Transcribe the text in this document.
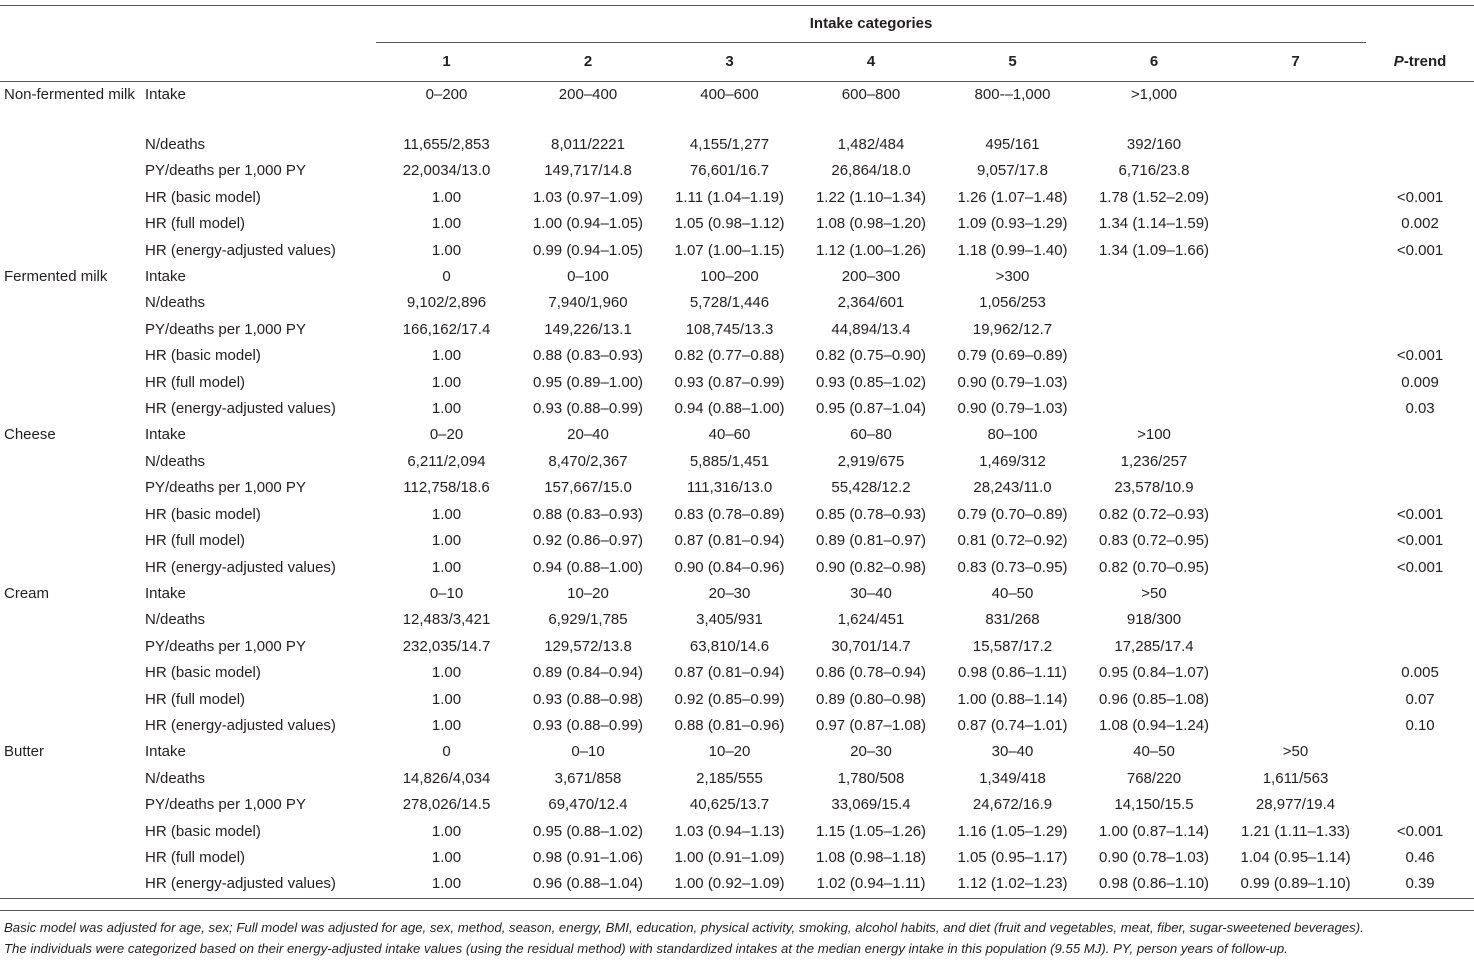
		Intake categories							
		1	2	3	4	5	6	7	P-trend
Non-fermented milk	Intake	0–200	200–400	400–600	600–800	800-–1,000	>1,000		
	N/deaths	11,655/2,853	8,011/2221	4,155/1,277	1,482/484	495/161	392/160		
	PY/deaths per 1,000 PY	22,0034/13.0	149,717/14.8	76,601/16.7	26,864/18.0	9,057/17.8	6,716/23.8		
	HR (basic model)	1.00	1.03 (0.97–1.09)	1.11 (1.04–1.19)	1.22 (1.10–1.34)	1.26 (1.07–1.48)	1.78 (1.52–2.09)		<0.001
	HR (full model)	1.00	1.00 (0.94–1.05)	1.05 (0.98–1.12)	1.08 (0.98–1.20)	1.09 (0.93–1.29)	1.34 (1.14–1.59)		0.002
	HR (energy-adjusted values)	1.00	0.99 (0.94–1.05)	1.07 (1.00–1.15)	1.12 (1.00–1.26)	1.18 (0.99–1.40)	1.34 (1.09–1.66)		<0.001
Fermented milk	Intake	0	0–100	100–200	200–300	>300			
	N/deaths	9,102/2,896	7,940/1,960	5,728/1,446	2,364/601	1,056/253			
	PY/deaths per 1,000 PY	166,162/17.4	149,226/13.1	108,745/13.3	44,894/13.4	19,962/12.7			
	HR (basic model)	1.00	0.88 (0.83–0.93)	0.82 (0.77–0.88)	0.82 (0.75–0.90)	0.79 (0.69–0.89)			<0.001
	HR (full model)	1.00	0.95 (0.89–1.00)	0.93 (0.87–0.99)	0.93 (0.85–1.02)	0.90 (0.79–1.03)			0.009
	HR (energy-adjusted values)	1.00	0.93 (0.88–0.99)	0.94 (0.88–1.00)	0.95 (0.87–1.04)	0.90 (0.79–1.03)			0.03
Cheese	Intake	0–20	20–40	40–60	60–80	80–100	>100		
	N/deaths	6,211/2,094	8,470/2,367	5,885/1,451	2,919/675	1,469/312	1,236/257		
	PY/deaths per 1,000 PY	112,758/18.6	157,667/15.0	111,316/13.0	55,428/12.2	28,243/11.0	23,578/10.9		
	HR (basic model)	1.00	0.88 (0.83–0.93)	0.83 (0.78–0.89)	0.85 (0.78–0.93)	0.79 (0.70–0.89)	0.82 (0.72–0.93)		<0.001
	HR (full model)	1.00	0.92 (0.86–0.97)	0.87 (0.81–0.94)	0.89 (0.81–0.97)	0.81 (0.72–0.92)	0.83 (0.72–0.95)		<0.001
	HR (energy-adjusted values)	1.00	0.94 (0.88–1.00)	0.90 (0.84–0.96)	0.90 (0.82–0.98)	0.83 (0.73–0.95)	0.82 (0.70–0.95)		<0.001
Cream	Intake	0–10	10–20	20–30	30–40	40–50	>50		
	N/deaths	12,483/3,421	6,929/1,785	3,405/931	1,624/451	831/268	918/300		
	PY/deaths per 1,000 PY	232,035/14.7	129,572/13.8	63,810/14.6	30,701/14.7	15,587/17.2	17,285/17.4		
	HR (basic model)	1.00	0.89 (0.84–0.94)	0.87 (0.81–0.94)	0.86 (0.78–0.94)	0.98 (0.86–1.11)	0.95 (0.84–1.07)		0.005
	HR (full model)	1.00	0.93 (0.88–0.98)	0.92 (0.85–0.99)	0.89 (0.80–0.98)	1.00 (0.88–1.14)	0.96 (0.85–1.08)		0.07
	HR (energy-adjusted values)	1.00	0.93 (0.88–0.99)	0.88 (0.81–0.96)	0.97 (0.87–1.08)	0.87 (0.74–1.01)	1.08 (0.94–1.24)		0.10
Butter	Intake	0	0–10	10–20	20–30	30–40	40–50	>50	
	N/deaths	14,826/4,034	3,671/858	2,185/555	1,780/508	1,349/418	768/220	1,611/563	
	PY/deaths per 1,000 PY	278,026/14.5	69,470/12.4	40,625/13.7	33,069/15.4	24,672/16.9	14,150/15.5	28,977/19.4	
	HR (basic model)	1.00	0.95 (0.88–1.02)	1.03 (0.94–1.13)	1.15 (1.05–1.26)	1.16 (1.05–1.29)	1.00 (0.87–1.14)	1.21 (1.11–1.33)	<0.001
	HR (full model)	1.00	0.98 (0.91–1.06)	1.00 (0.91–1.09)	1.08 (0.98–1.18)	1.05 (0.95–1.17)	0.90 (0.78–1.03)	1.04 (0.95–1.14)	0.46
	HR (energy-adjusted values)	1.00	0.96 (0.88–1.04)	1.00 (0.92–1.09)	1.02 (0.94–1.11)	1.12 (1.02–1.23)	0.98 (0.86–1.10)	0.99 (0.89–1.10)	0.39
Basic model was adjusted for age, sex; Full model was adjusted for age, sex, method, season, energy, BMI, education, physical activity, smoking, alcohol habits, and diet (fruit and vegetables, meat, fiber, sugar-sweetened beverages).
The individuals were categorized based on their energy-adjusted intake values (using the residual method) with standardized intakes at the median energy intake in this population (9.55 MJ). PY, person years of follow-up.
